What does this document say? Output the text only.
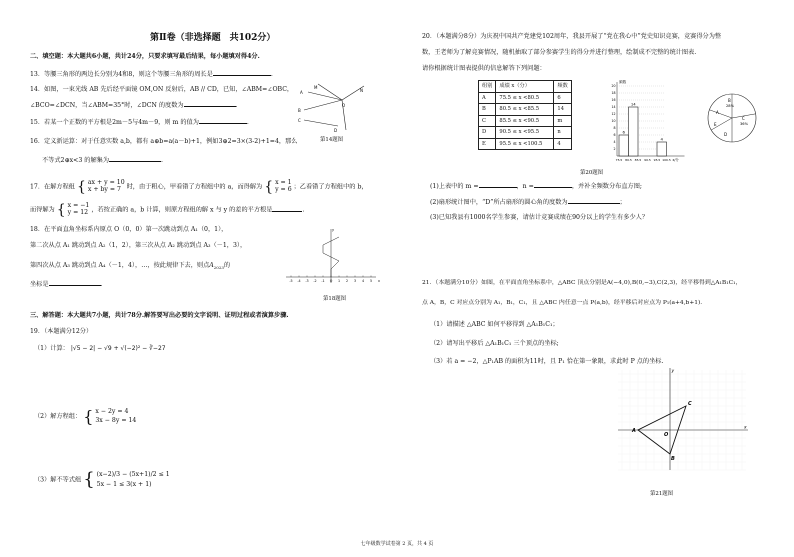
第Ⅱ卷（非选择题　共102分）
二、填空题：本大题共6小题，共计24分，只要求填写最后结果，每小题填对得4分.
13．等腰三角形的两边长分别为4和8，则这个等腰三角形的周长是	.
14．如图，一束光线 AB 先后经平面镜 OM,ON 反射后，AB // CD，已知，∠ABM=∠OBC，
∠BCO=∠DCN，当∠ABM=35°时，∠DCN 的度数为	.
M
A
O
B
C
D
N
第14题图
15．若某一个正数的平方根是2m－5与4m－9，则 m 的值为	.
16．定义新运算：对于任意实数 a,b，都有 a⊕b=a(a－b)+1，例如3⊕2=3×(3-2)+1=4，那么
不等式2⊕x<3 的解集为	.
17．在解方程组 { ax + y = 10
x + by = 7 时，由于粗心，甲看错了方程组中的 a，而得解为 { x = 1
y = 6 ；乙看错了方程组中的 b，
而得解为 { x = −1
y = 12 ，若按正确的 a，b 计算，则原方程组的解 x 与 y 的差的平方根是	.
18．在平面直角坐标系内原点 O（0，0）第一次跳动到点 A₁（0，1），
第二次从点 A₁ 跳动到点 A₂（1，2），第三次从点 A₂ 跳动到点 A₃（－1，3），
第四次从点 A₃ 跳动到点 A₄（－1，4），…，按此规律下去，则点$A_{2023}$的
坐标是	.	-5 -4 -3 -2 -1 O 1 2 3 4 5 x
y
第18题图
三、解答题：本大题共7小题，共计78分.解答要写出必要的文字说明、证明过程或者演算步骤.
19．（本题满分12分）
（1）计算： |√5 − 2| − √9 + √(−2)² − ∛−27
（2）解方程组： { x − 2y = 4
3x − 8y = 14
（3）解不等式组 { (x−2)/3 − (5x+1)/2 ≤ 1
5x − 1 ≤ 3(x + 1)
20．（本题满分8分）为庆祝中国共产党建党102周年，我县开展了“党在我心中”党史知识竞赛，竞赛得分为整
数，王老师为了解竞赛情况，随机抽取了部分参赛学生的得分并进行整理，绘制成不完整的统计图表.
请你根据统计图表提供的信息解答下列问题：
组别	成绩 x（分）	频数
A	75.5 ≤ x <80.5	6
B	80.5 ≤ x <85.5	14
C	85.5 ≤ x <90.5	m
D	90.5 ≤ x <95.5	n
E	95.5 ≤ x <100.5	4
频数
2
4
6
8
10
12
14
16
18
20
6
14
4
75.5 80.5 85.5 90.5 95.5 100.5 x/分
B
28%
C
36%
A
E
D
第20题图
(1)上表中的 m =	，n =	，并补全频数分布直方图;
(2)扇形统计图中，“D”所占扇形的圆心角的度数为	；
(3)已知我县有1000名学生参赛，请估计竞赛成绩在90分以上的学生有多少人？
21．（本题满分10分）如图，在平面直角坐标系中，△ABC 顶点分别是A(−4,0),B(0,−3),C(2,3)，经平移得到△A₁B₁C₁，
点 A，B，C 对应点分别为 A₁，B₁，C₁，且 △ABC 内任意一点 P(a,b)，经平移后对应点为 P₁(a+4,b+1).
（1）请描述 △ABC 如何平移得到 △A₁B₁C₁；
（2）请写出平移后 △A₁B₁C₁ 三个顶点的坐标;
（3）若 a = −2，△P₁AB 的面积为11时，且 P₁ 恰在第一象限，求此时 P 点的坐标.
A
B
C
O
x
y
第21题图
七年级数学试卷第 2 页，共 4 页
